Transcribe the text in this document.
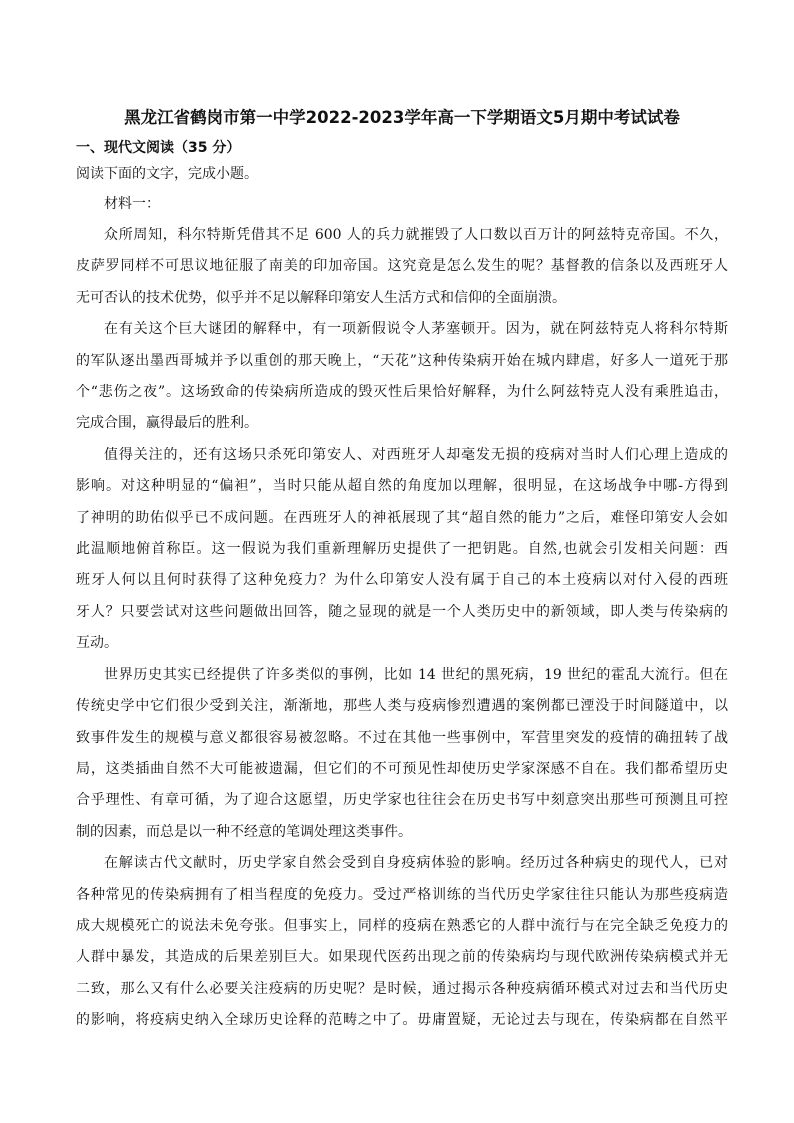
黑龙江省鹤岗市第一中学2022-2023学年高一下学期语文5月期中考试试卷
一、现代文阅读（35 分）

阅读下面的文字，完成小题。

材料一：

众所周知，科尔特斯凭借其不足 600 人的兵力就摧毁了人口数以百万计的阿兹特克帝国。不久，
皮萨罗同样不可思议地征服了南美的印加帝国。这究竟是怎么发生的呢？基督教的信条以及西班牙人
无可否认的技术优势，似乎并不足以解释印第安人生活方式和信仰的全面崩溃。

在有关这个巨大谜团的解释中，有一项新假说令人茅塞顿开。因为，就在阿兹特克人将科尔特斯
的军队逐出墨西哥城并予以重创的那天晚上，“天花”这种传染病开始在城内肆虐，好多人一道死于那
个“悲伤之夜”。这场致命的传染病所造成的毁灭性后果恰好解释，为什么阿兹特克人没有乘胜追击，
完成合围，赢得最后的胜利。

值得关注的，还有这场只杀死印第安人、对西班牙人却毫发无损的疫病对当时人们心理上造成的
影响。对这种明显的“偏袒”，当时只能从超自然的角度加以理解，很明显，在这场战争中哪-方得到
了神明的助佑似乎已不成问题。在西班牙人的神祇展现了其“超自然的能力”之后，难怪印第安人会如
此温顺地俯首称臣。这一假说为我们重新理解历史提供了一把钥匙。自然,也就会引发相关问题：西
班牙人何以且何时获得了这种免疫力？为什么印第安人没有属于自己的本土疫病以对付入侵的西班
牙人？只要尝试对这些问题做出回答，随之显现的就是一个人类历史中的新领域，即人类与传染病的
互动。

世界历史其实已经提供了许多类似的事例，比如 14 世纪的黑死病，19 世纪的霍乱大流行。但在
传统史学中它们很少受到关注，渐渐地，那些人类与疫病惨烈遭遇的案例都已湮没于时间隧道中，以
致事件发生的规模与意义都很容易被忽略。不过在其他一些事例中，军营里突发的疫情的确扭转了战
局，这类插曲自然不大可能被遗漏，但它们的不可预见性却使历史学家深感不自在。我们都希望历史
合乎理性、有章可循，为了迎合这愿望，历史学家也往往会在历史书写中刻意突出那些可预测且可控
制的因素，而总是以一种不经意的笔调处理这类事件。

在解读古代文献时，历史学家自然会受到自身疫病体验的影响。经历过各种病史的现代人，已对
各种常见的传染病拥有了相当程度的免疫力。受过严格训练的当代历史学家往往只能认为那些疫病造
成大规模死亡的说法未免夸张。但事实上，同样的疫病在熟悉它的人群中流行与在完全缺乏免疫力的
人群中暴发，其造成的后果差别巨大。如果现代医药出现之前的传染病均与现代欧洲传染病模式并无
二致，那么又有什么必要关注疫病的历史呢？是时候，通过揭示各种疫病循环模式对过去和当代历史
的影响，将疫病史纳入全球历史诠释的范畴之中了。毋庸置疑，无论过去与现在，传染病都在自然平
